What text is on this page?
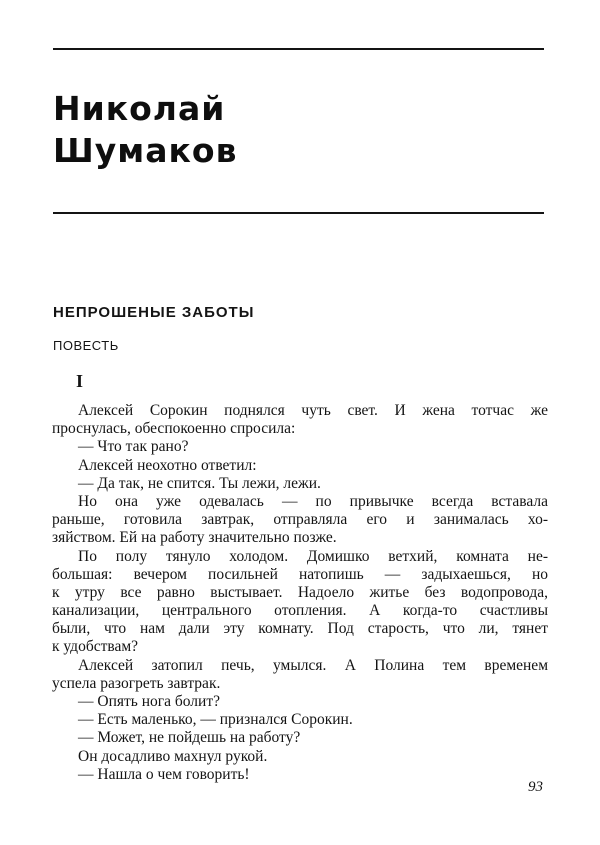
Николай
Шумаков
НЕПРОШЕНЫЕ ЗАБОТЫ
ПОВЕСТЬ
I
Алексей Сорокин поднялся чуть свет. И жена тотчас же
проснулась, обеспокоенно спросила:
— Что так рано?
Алексей неохотно ответил:
— Да так, не спится. Ты лежи, лежи.
Но она уже одевалась — по привычке всегда вставала
раньше, готовила завтрак, отправляла его и занималась хо-
зяйством. Ей на работу значительно позже.
По полу тянуло холодом. Домишко ветхий, комната не-
большая: вечером посильней натопишь — задыхаешься, но
к утру все равно выстывает. Надоело житье без водопровода,
канализации, центрального отопления. А когда-то счастливы
были, что нам дали эту комнату. Под старость, что ли, тянет
к удобствам?
Алексей затопил печь, умылся. А Полина тем временем
успела разогреть завтрак.
— Опять нога болит?
— Есть маленько, — признался Сорокин.
— Может, не пойдешь на работу?
Он досадливо махнул рукой.
— Нашла о чем говорить!
93
